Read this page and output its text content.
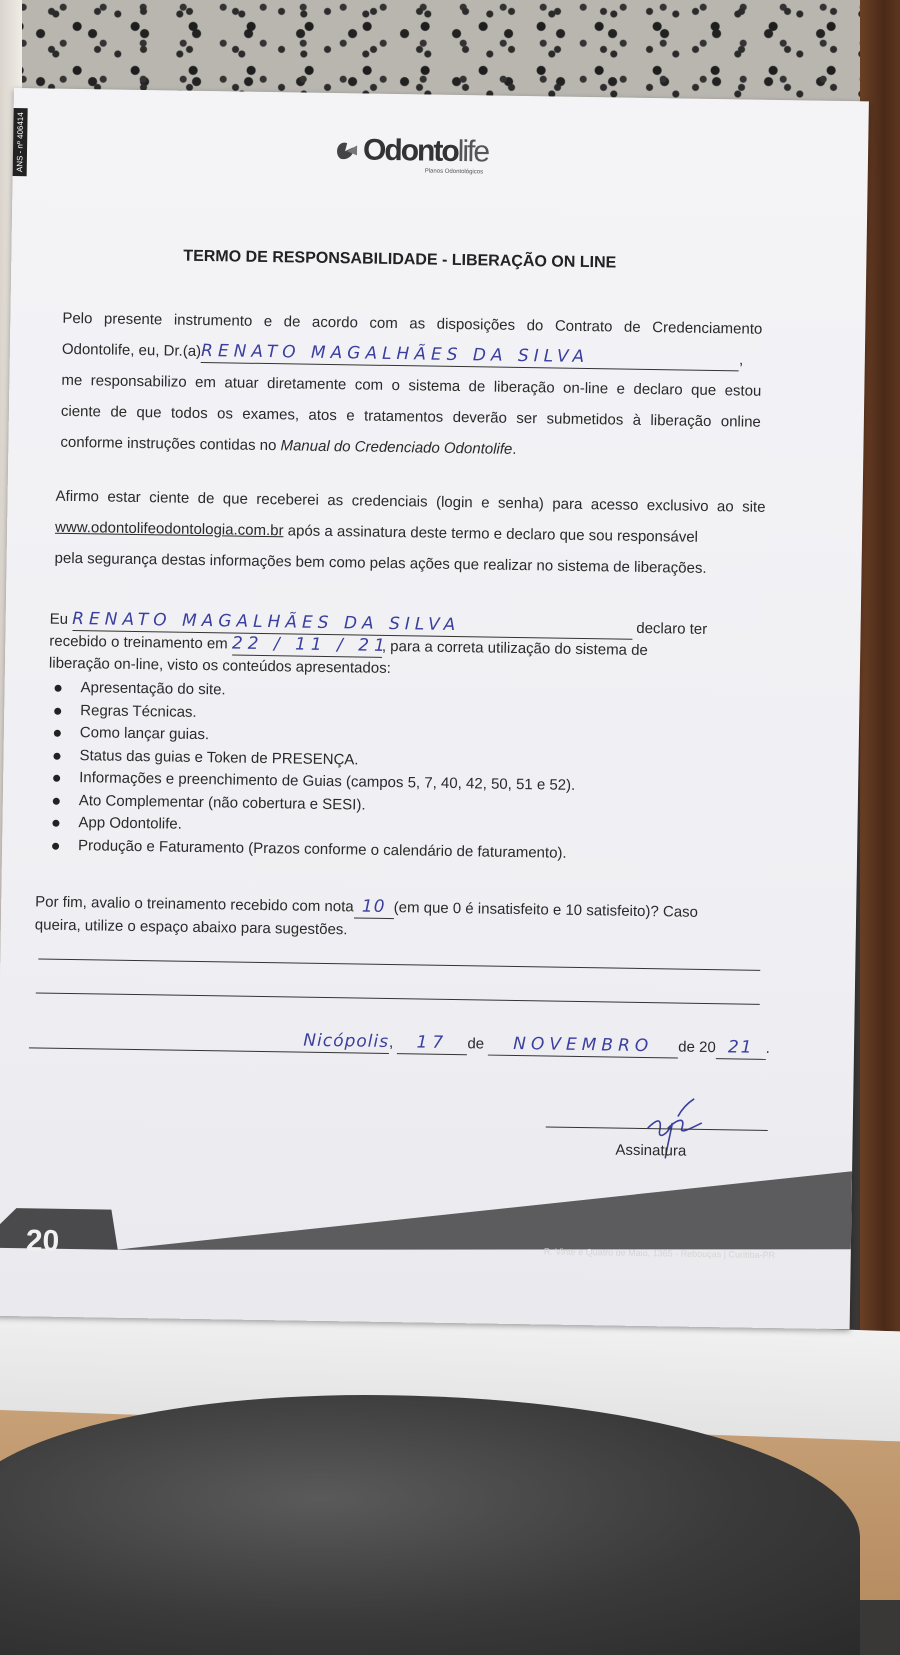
ANS - nº 406414	Odontolife
Planos Odontológicos
TERMO DE RESPONSABILIDADE - LIBERAÇÃO ON LINE
Pelo presente instrumento e de acordo com as disposições do Contrato de Credenciamento
Odontolife, eu, Dr.(a)RENATO MAGALHÃES DA SILVA	,
me responsabilizo em atuar diretamente com o sistema de liberação on-line e declaro que estou
ciente de que todos os exames, atos e tratamentos deverão ser submetidos à liberação online
conforme instruções contidas no Manual do Credenciado Odontolife.
Afirmo estar ciente de que receberei as credenciais (login e senha) para acesso exclusivo ao site
www.odontolifeodontologia.com.br após a assinatura deste termo e declaro que sou responsável
pela segurança destas informações bem como pelas ações que realizar no sistema de liberações.
Eu RENATO MAGALHÃES DA SILVA	declaro ter
recebido o treinamento em 22 / 11 / 21, para a correta utilização do sistema de
liberação on-line, visto os conteúdos apresentados:
Apresentação do site.
Regras Técnicas.
Como lançar guias.
Status das guias e Token de PRESENÇA.
Informações e preenchimento de Guias (campos 5, 7, 40, 42, 50, 51 e 52).
Ato Complementar (não cobertura e SESI).
App Odontolife.
Produção e Faturamento (Prazos conforme o calendário de faturamento).
Por fim, avalio o treinamento recebido com nota 10 (em que 0 é insatisfeito e 10 satisfeito)? Caso
queira, utilize o espaço abaixo para sugestões.
Nicópolis, 17 de NOVEMBRO de 20 21 .
Assinatura
20	R. Vinte e Quatro de Maio, 1365 - Rebouças | Curitiba-PR
